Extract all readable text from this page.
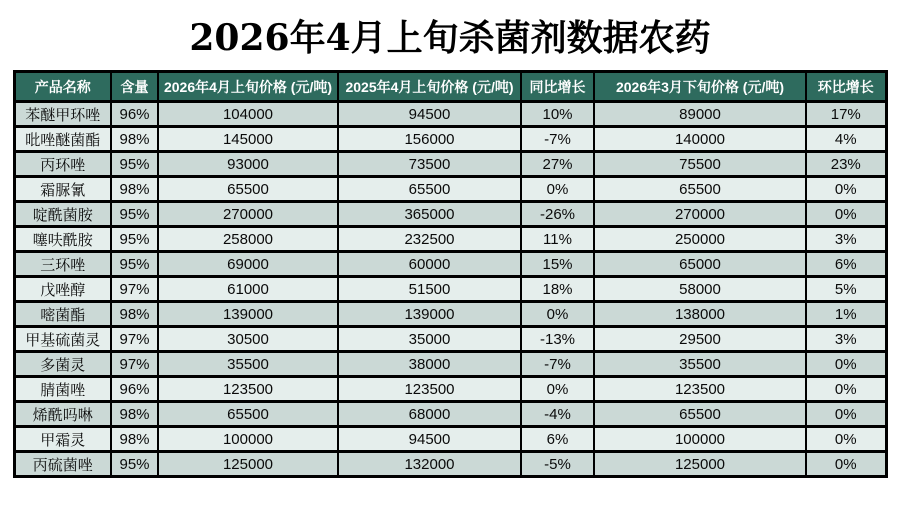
2026年4月上旬杀菌剂数据农药
产品名称	含量	2026年4月上旬价格 (元/吨)	2025年4月上旬价格 (元/吨)	同比增长	2026年3月下旬价格 (元/吨)	环比增长
苯醚甲环唑	96%	104000	94500	10%	89000	17%
吡唑醚菌酯	98%	145000	156000	-7%	140000	4%
丙环唑	95%	93000	73500	27%	75500	23%
霜脲氰	98%	65500	65500	0%	65500	0%
啶酰菌胺	95%	270000	365000	-26%	270000	0%
噻呋酰胺	95%	258000	232500	11%	250000	3%
三环唑	95%	69000	60000	15%	65000	6%
戊唑醇	97%	61000	51500	18%	58000	5%
嘧菌酯	98%	139000	139000	0%	138000	1%
甲基硫菌灵	97%	30500	35000	-13%	29500	3%
多菌灵	97%	35500	38000	-7%	35500	0%
腈菌唑	96%	123500	123500	0%	123500	0%
烯酰吗啉	98%	65500	68000	-4%	65500	0%
甲霜灵	98%	100000	94500	6%	100000	0%
丙硫菌唑	95%	125000	132000	-5%	125000	0%
